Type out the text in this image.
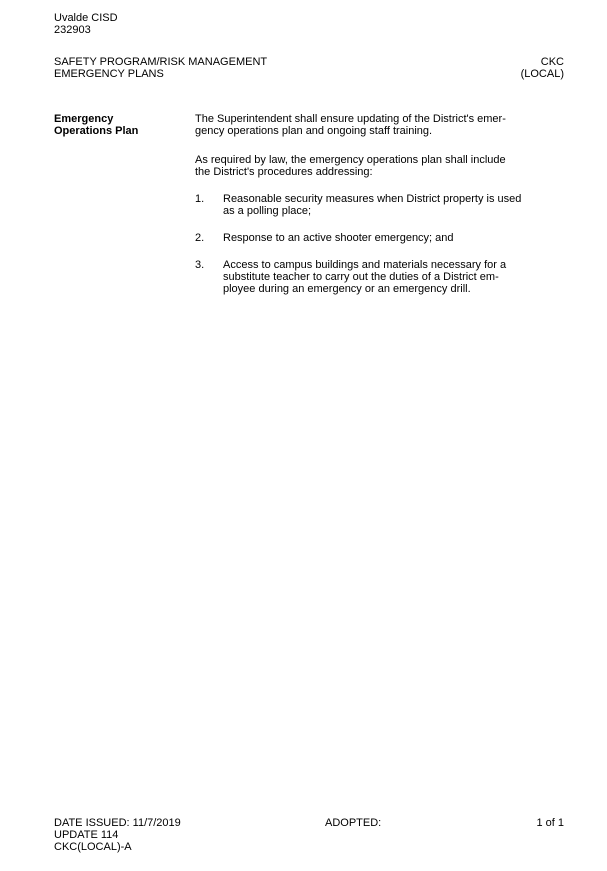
Uvalde CISD
232903
SAFETY PROGRAM/RISK MANAGEMENT
EMERGENCY PLANS
CKC
(LOCAL)
Emergency
Operations Plan
The Superintendent shall ensure updating of the District's emer-
gency operations plan and ongoing staff training.
As required by law, the emergency operations plan shall include
the District's procedures addressing:
1. Reasonable security measures when District property is used
as a polling place;
2. Response to an active shooter emergency; and
3. Access to campus buildings and materials necessary for a
substitute teacher to carry out the duties of a District em-
ployee during an emergency or an emergency drill.
DATE ISSUED: 11/7/2019
UPDATE 114
CKC(LOCAL)-A
ADOPTED:	1 of 1
